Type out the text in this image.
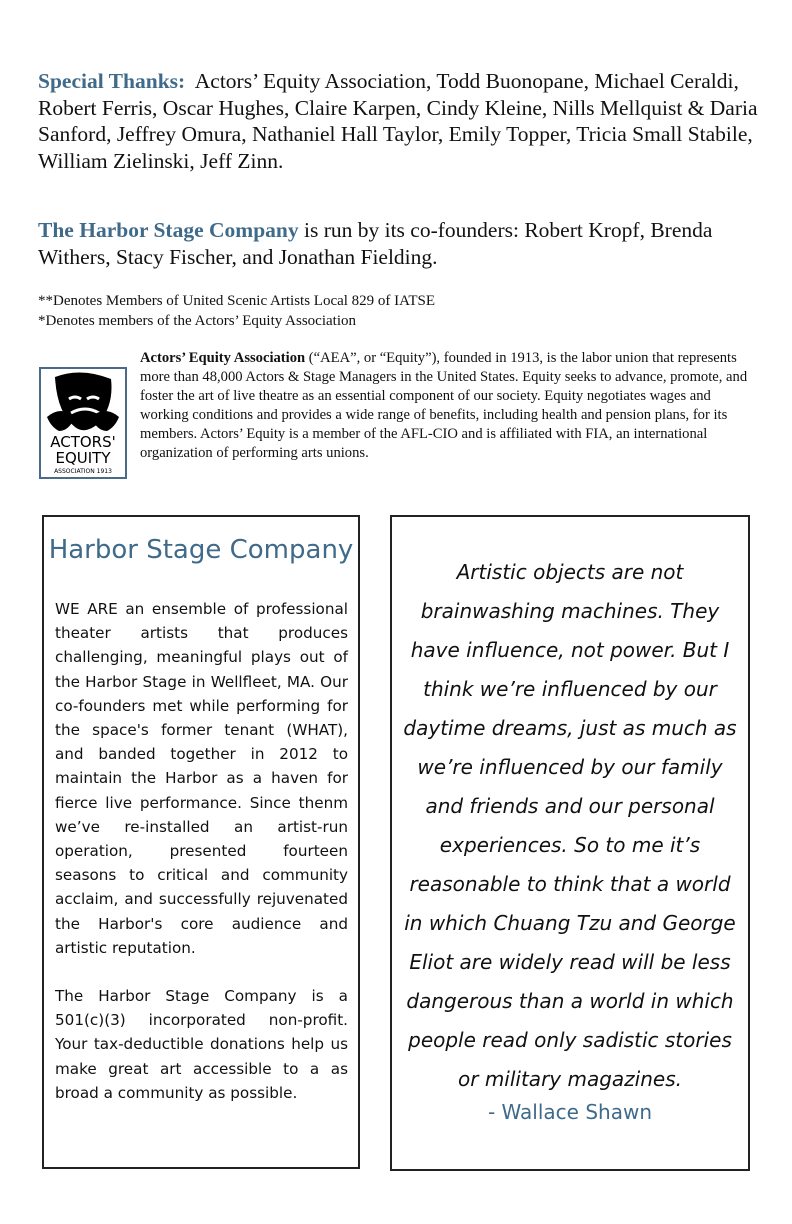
Special Thanks: Actors’ Equity Association, Todd Buonopane, Michael Ceraldi, Robert Ferris, Oscar Hughes, Claire Karpen, Cindy Kleine, Nills Mellquist & Daria Sanford, Jeffrey Omura, Nathaniel Hall Taylor, Emily Topper, Tricia Small Stabile, William Zielinski, Jeff Zinn.
The Harbor Stage Company is run by its co-founders: Robert Kropf, Brenda Withers, Stacy Fischer, and Jonathan Fielding.
**Denotes Members of United Scenic Artists Local 829 of IATSE
*Denotes members of the Actors’ Equity Association
ACTORS'
EQUITY
ASSOCIATION 1913
Actors’ Equity Association (“AEA”, or “Equity”), founded in 1913, is the labor union that represents more than 48,000 Actors & Stage Managers in the United States. Equity seeks to advance, promote, and foster the art of live theatre as an essential component of our society. Equity negotiates wages and working conditions and provides a wide range of benefits, including health and pension plans, for its members. Actors’ Equity is a member of the AFL-CIO and is affiliated with FIA, an international organization of performing arts unions.
Harbor Stage Company

WE ARE an ensemble of professional theater artists that produces challenging, meaningful plays out of the Harbor Stage in Wellfleet, MA. Our co-founders met while performing for the space's former tenant (WHAT), and banded together in 2012 to maintain the Harbor as a haven for fierce live performance. Since thenm we’ve re-installed an artist-run operation, presented fourteen seasons to critical and community acclaim, and successfully rejuvenated the Harbor's core audience and artistic reputation.

The Harbor Stage Company is a 501(c)(3) incorporated non-profit. Your tax-deductible donations help us make great art accessible to a as broad a community as possible.

Artistic objects are not brainwashing machines. They have influence, not power. But I think we’re influenced by our daytime dreams, just as much as we’re influenced by our family and friends and our personal experiences. So to me it’s reasonable to think that a world in which Chuang Tzu and George Eliot are widely read will be less dangerous than a world in which people read only sadistic stories or military magazines.
- Wallace Shawn
